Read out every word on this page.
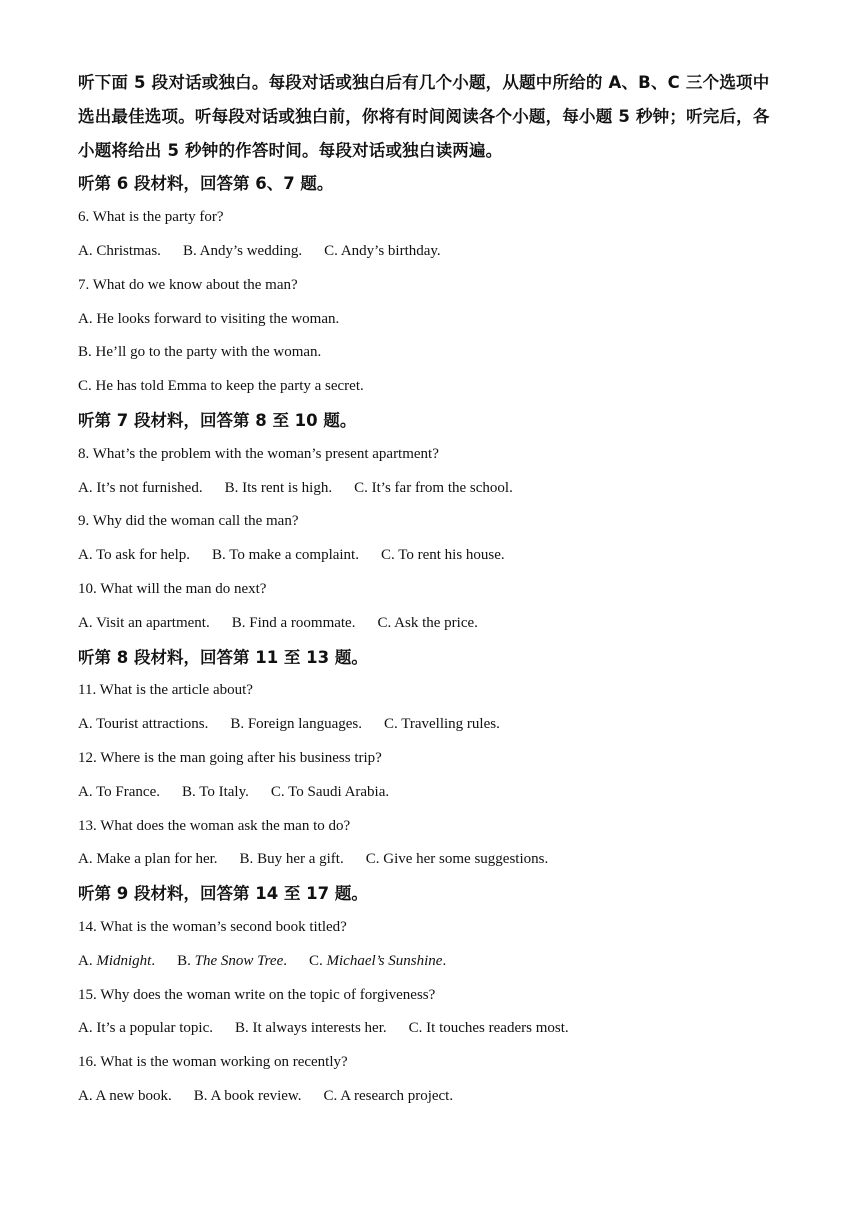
听下面 5 段对话或独白。每段对话或独白后有几个小题，从题中所给的 A、B、C 三个选项中

选出最佳选项。听每段对话或独白前，你将有时间阅读各个小题，每小题 5 秒钟；听完后，各

小题将给出 5 秒钟的作答时间。每段对话或独白读两遍。

听第 6 段材料，回答第 6、7 题。

6. What is the party for?

A. Christmas. B. Andy’s wedding. C. Andy’s birthday.

7. What do we know about the man?

A. He looks forward to visiting the woman.

B. He’ll go to the party with the woman.

C. He has told Emma to keep the party a secret.

听第 7 段材料，回答第 8 至 10 题。

8. What’s the problem with the woman’s present apartment?

A. It’s not furnished. B. Its rent is high. C. It’s far from the school.

9. Why did the woman call the man?

A. To ask for help. B. To make a complaint. C. To rent his house.

10. What will the man do next?

A. Visit an apartment. B. Find a roommate. C. Ask the price.

听第 8 段材料，回答第 11 至 13 题。

11. What is the article about?

A. Tourist attractions. B. Foreign languages. C. Travelling rules.

12. Where is the man going after his business trip?

A. To France. B. To Italy. C. To Saudi Arabia.

13. What does the woman ask the man to do?

A. Make a plan for her. B. Buy her a gift. C. Give her some suggestions.

听第 9 段材料，回答第 14 至 17 题。

14. What is the woman’s second book titled?

A. Midnight. B. The Snow Tree. C. Michael’s Sunshine.

15. Why does the woman write on the topic of forgiveness?

A. It’s a popular topic. B. It always interests her. C. It touches readers most.

16. What is the woman working on recently?

A. A new book. B. A book review. C. A research project.
